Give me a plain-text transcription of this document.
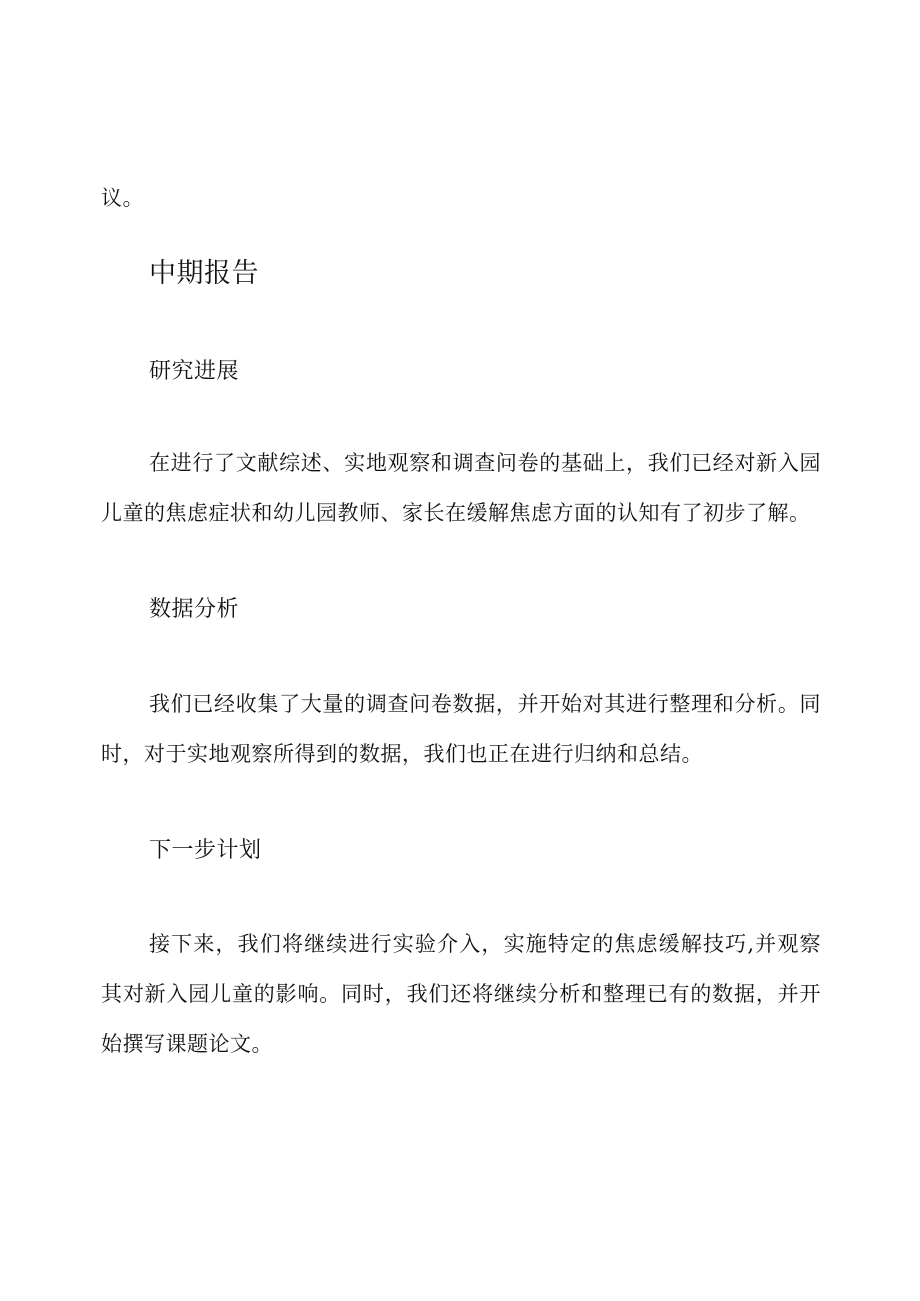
议。

中期报告
研究进展

在进行了文献综述、实地观察和调查问卷的基础上，我们已经对新入园儿童的焦虑症状和幼儿园教师、家长在缓解焦虑方面的认知有了初步了解。

数据分析

我们已经收集了大量的调查问卷数据，并开始对其进行整理和分析。同时，对于实地观察所得到的数据，我们也正在进行归纳和总结。

下一步计划

接下来，我们将继续进行实验介入，实施特定的焦虑缓解技巧,并观察其对新入园儿童的影响。同时，我们还将继续分析和整理已有的数据，并开始撰写课题论文。
